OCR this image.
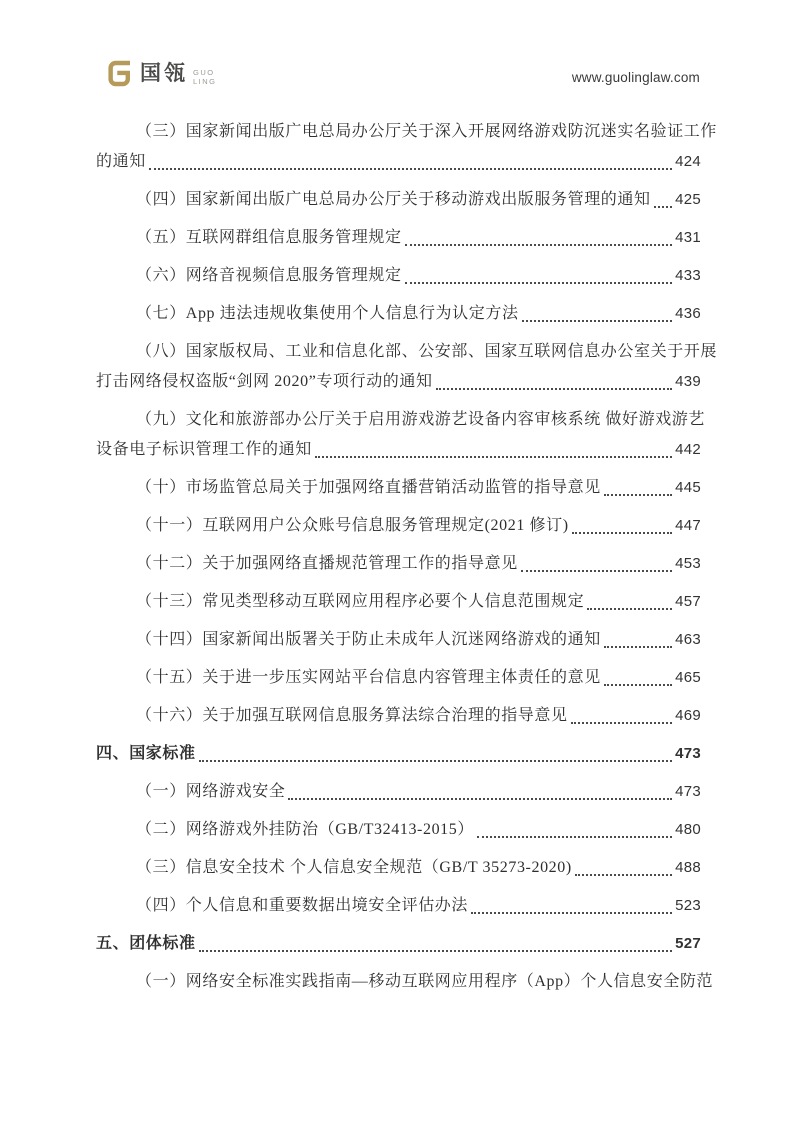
国瓴 GUO
LING	www.guolinglaw.com
（三）国家新闻出版广电总局办公厅关于深入开展网络游戏防沉迷实名验证工作
的通知	424
（四）国家新闻出版广电总局办公厅关于移动游戏出版服务管理的通知 425
（五）互联网群组信息服务管理规定	431
（六）网络音视频信息服务管理规定	433
（七）App 违法违规收集使用个人信息行为认定方法	436
（八）国家版权局、工业和信息化部、公安部、国家互联网信息办公室关于开展
打击网络侵权盗版“剑网 2020”专项行动的通知	439
（九）文化和旅游部办公厅关于启用游戏游艺设备内容审核系统 做好游戏游艺
设备电子标识管理工作的通知	442
（十）市场监管总局关于加强网络直播营销活动监管的指导意见	445
（十一）互联网用户公众账号信息服务管理规定(2021 修订)	447
（十二）关于加强网络直播规范管理工作的指导意见	453
（十三）常见类型移动互联网应用程序必要个人信息范围规定	457
（十四）国家新闻出版署关于防止未成年人沉迷网络游戏的通知	463
（十五）关于进一步压实网站平台信息内容管理主体责任的意见	465
（十六）关于加强互联网信息服务算法综合治理的指导意见	469
四、国家标准	473
（一）网络游戏安全	473
（二）网络游戏外挂防治（GB/T32413-2015）	480
（三）信息安全技术 个人信息安全规范（GB/T 35273-2020)	488
（四）个人信息和重要数据出境安全评估办法	523
五、团体标准	527
（一）网络安全标准实践指南—移动互联网应用程序（App）个人信息安全防范
